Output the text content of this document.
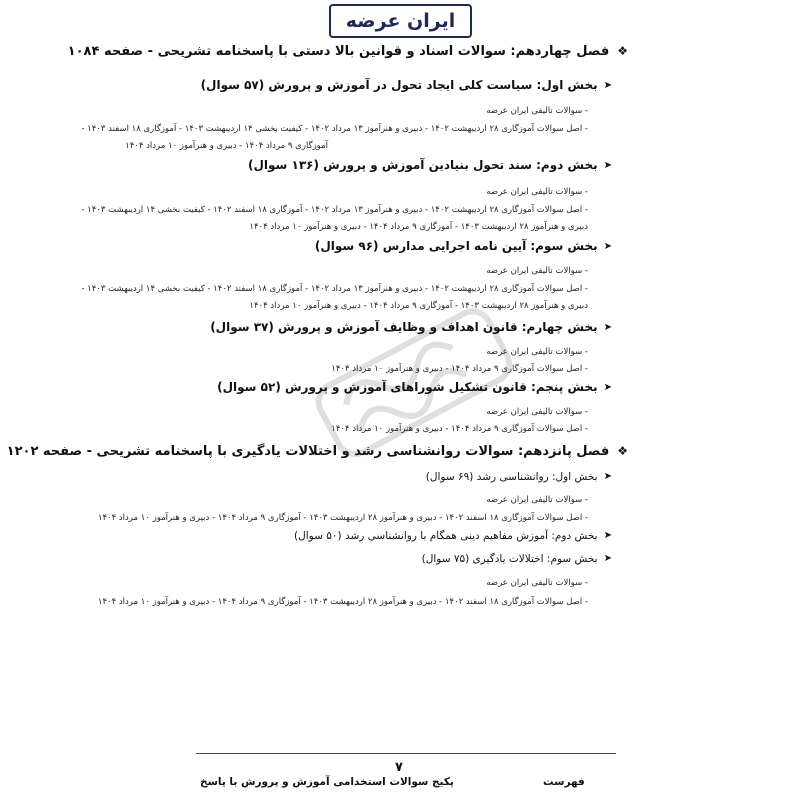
ایران عرضه
❖فصل چهاردهم: سوالات اسناد و قوانین بالا دستی با پاسخنامه تشریحی - صفحه ۱۰۸۴
➤بخش اول: سیاست کلی ایجاد تحول در آموزش و پرورش (۵۷ سوال)
- سوالات تالیفی ایران عرضه
- اصل سوالات آموزگاری ۲۸ اردیبهشت ۱۴۰۲ - دبیری و هنرآموز ۱۳ مرداد ۱۴۰۲ - کیفیت بخشی ۱۴ اردیبهشت ۱۴۰۳ - آموزگاری ۱۸ اسفند ۱۴۰۳ -
آموزگاری ۹ مرداد ۱۴۰۴ - دبیری و هنرآموز ۱۰ مرداد ۱۴۰۴
➤بخش دوم: سند تحول بنیادین آموزش و پرورش (۱۳۶ سوال)
- سوالات تالیفی ایران عرضه
- اصل سوالات آموزگاری ۲۸ اردیبهشت ۱۴۰۲ - دبیری و هنرآموز ۱۳ مرداد ۱۴۰۲ - آموزگاری ۱۸ اسفند ۱۴۰۲ - کیفیت بخشی ۱۴ اردیبهشت ۱۴۰۳ -
دبیری و هنرآموز ۲۸ اردیبهشت ۱۴۰۳ - آموزگاری ۹ مرداد ۱۴۰۴ - دبیری و هنرآموز ۱۰ مرداد ۱۴۰۴
➤بخش سوم: آیین نامه اجرایی مدارس (۹۶ سوال)
- سوالات تالیفی ایران عرضه
- اصل سوالات آموزگاری ۲۸ اردیبهشت ۱۴۰۲ - دبیری و هنرآموز ۱۳ مرداد ۱۴۰۲ - آموزگاری ۱۸ اسفند ۱۴۰۲ - کیفیت بخشی ۱۴ اردیبهشت ۱۴۰۳ -
دبیری و هنرآموز ۲۸ اردیبهشت ۱۴۰۳ - آموزگاری ۹ مرداد ۱۴۰۴ - دبیری و هنرآموز ۱۰ مرداد ۱۴۰۴
➤بخش چهارم: قانون اهداف و وظایف آموزش و پرورش (۳۷ سوال)
- سوالات تالیفی ایران عرضه
- اصل سوالات آموزگاری ۹ مرداد ۱۴۰۴ - دبیری و هنرآموز ۱۰ مرداد ۱۴۰۴
➤بخش پنجم: قانون تشکیل شوراهای آموزش و پرورش (۵۲ سوال)
- سوالات تالیفی ایران عرضه
- اصل سوالات آموزگاری ۹ مرداد ۱۴۰۴ - دبیری و هنرآموز ۱۰ مرداد ۱۴۰۴
❖فصل پانزدهم: سوالات روانشناسی رشد و اختلالات یادگیری با پاسخنامه تشریحی - صفحه ۱۲۰۲
➤بخش اول: روانشناسی رشد (۶۹ سوال)
- سوالات تالیفی ایران عرضه
- اصل سوالات آموزگاری ۱۸ اسفند ۱۴۰۲ - دبیری و هنرآموز ۲۸ اردیبهشت ۱۴۰۳ - آموزگاری ۹ مرداد ۱۴۰۴ - دبیری و هنرآموز ۱۰ مرداد ۱۴۰۴
➤بخش دوم: آموزش مفاهیم دینی همگام با روانشناسی رشد (۵۰ سوال)
➤بخش سوم: اختلالات یادگیری (۷۵ سوال)
- سوالات تالیفی ایران عرضه
- اصل سوالات آموزگاری ۱۸ اسفند ۱۴۰۲ - دبیری و هنرآموز ۲۸ اردیبهشت ۱۴۰۳ - آموزگاری ۹ مرداد ۱۴۰۴ - دبیری و هنرآموز ۱۰ مرداد ۱۴۰۴
۷
پکیج سوالات استخدامی آموزش و پرورش با پاسخ	فهرست
